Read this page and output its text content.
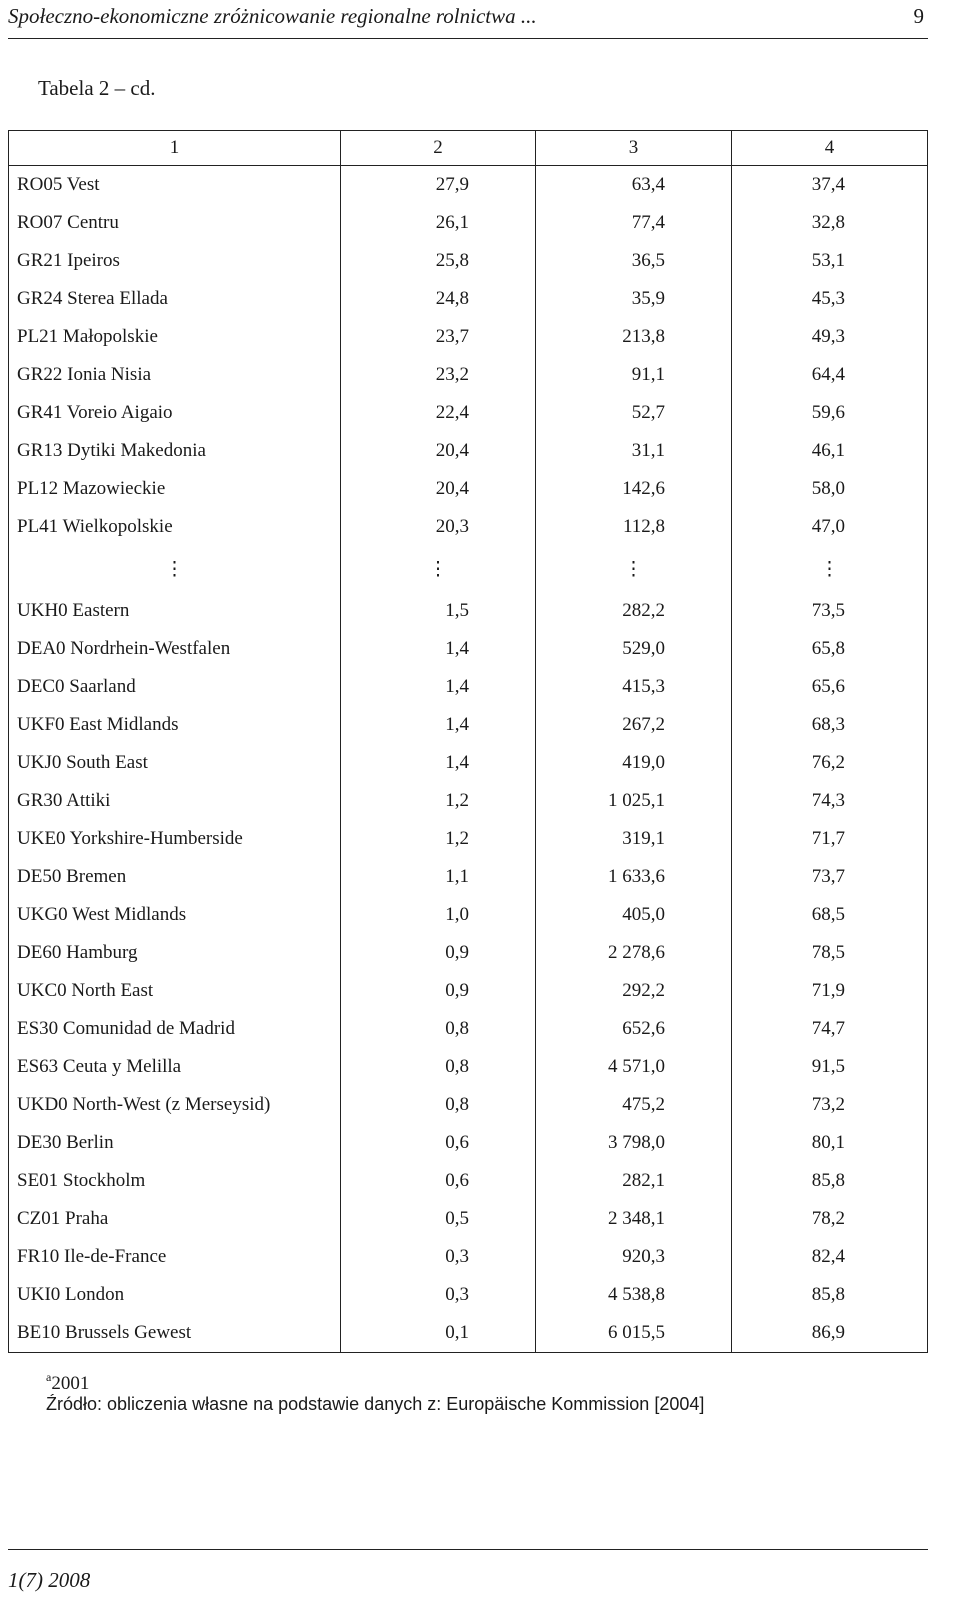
Społeczno-ekonomiczne zróżnicowanie regionalne rolnictwa ...	9
Tabela 2 – cd.
1	2	3	4
RO05 Vest	27,9	63,4	37,4
RO07 Centru	26,1	77,4	32,8
GR21 Ipeiros	25,8	36,5	53,1
GR24 Sterea Ellada	24,8	35,9	45,3
PL21 Małopolskie	23,7	213,8	49,3
GR22 Ionia Nisia	23,2	91,1	64,4
GR41 Voreio Aigaio	22,4	52,7	59,6
GR13 Dytiki Makedonia	20,4	31,1	46,1
PL12 Mazowieckie	20,4	142,6	58,0
PL41 Wielkopolskie	20,3	112,8	47,0
⋮	⋮	⋮	⋮
UKH0 Eastern	1,5	282,2	73,5
DEA0 Nordrhein-Westfalen	1,4	529,0	65,8
DEC0 Saarland	1,4	415,3	65,6
UKF0 East Midlands	1,4	267,2	68,3
UKJ0 South East	1,4	419,0	76,2
GR30 Attiki	1,2	1 025,1	74,3
UKE0 Yorkshire-Humberside	1,2	319,1	71,7
DE50 Bremen	1,1	1 633,6	73,7
UKG0 West Midlands	1,0	405,0	68,5
DE60 Hamburg	0,9	2 278,6	78,5
UKC0 North East	0,9	292,2	71,9
ES30 Comunidad de Madrid	0,8	652,6	74,7
ES63 Ceuta y Melilla	0,8	4 571,0	91,5
UKD0 North-West (z Merseysid)	0,8	475,2	73,2
DE30 Berlin	0,6	3 798,0	80,1
SE01 Stockholm	0,6	282,1	85,8
CZ01 Praha	0,5	2 348,1	78,2
FR10 Ile-de-France	0,3	920,3	82,4
UKI0 London	0,3	4 538,8	85,8
BE10 Brussels Gewest	0,1	6 015,5	86,9
$^a$2001
Źródło: obliczenia własne na podstawie danych z: Europäische Kommission [2004]
1(7) 2008
